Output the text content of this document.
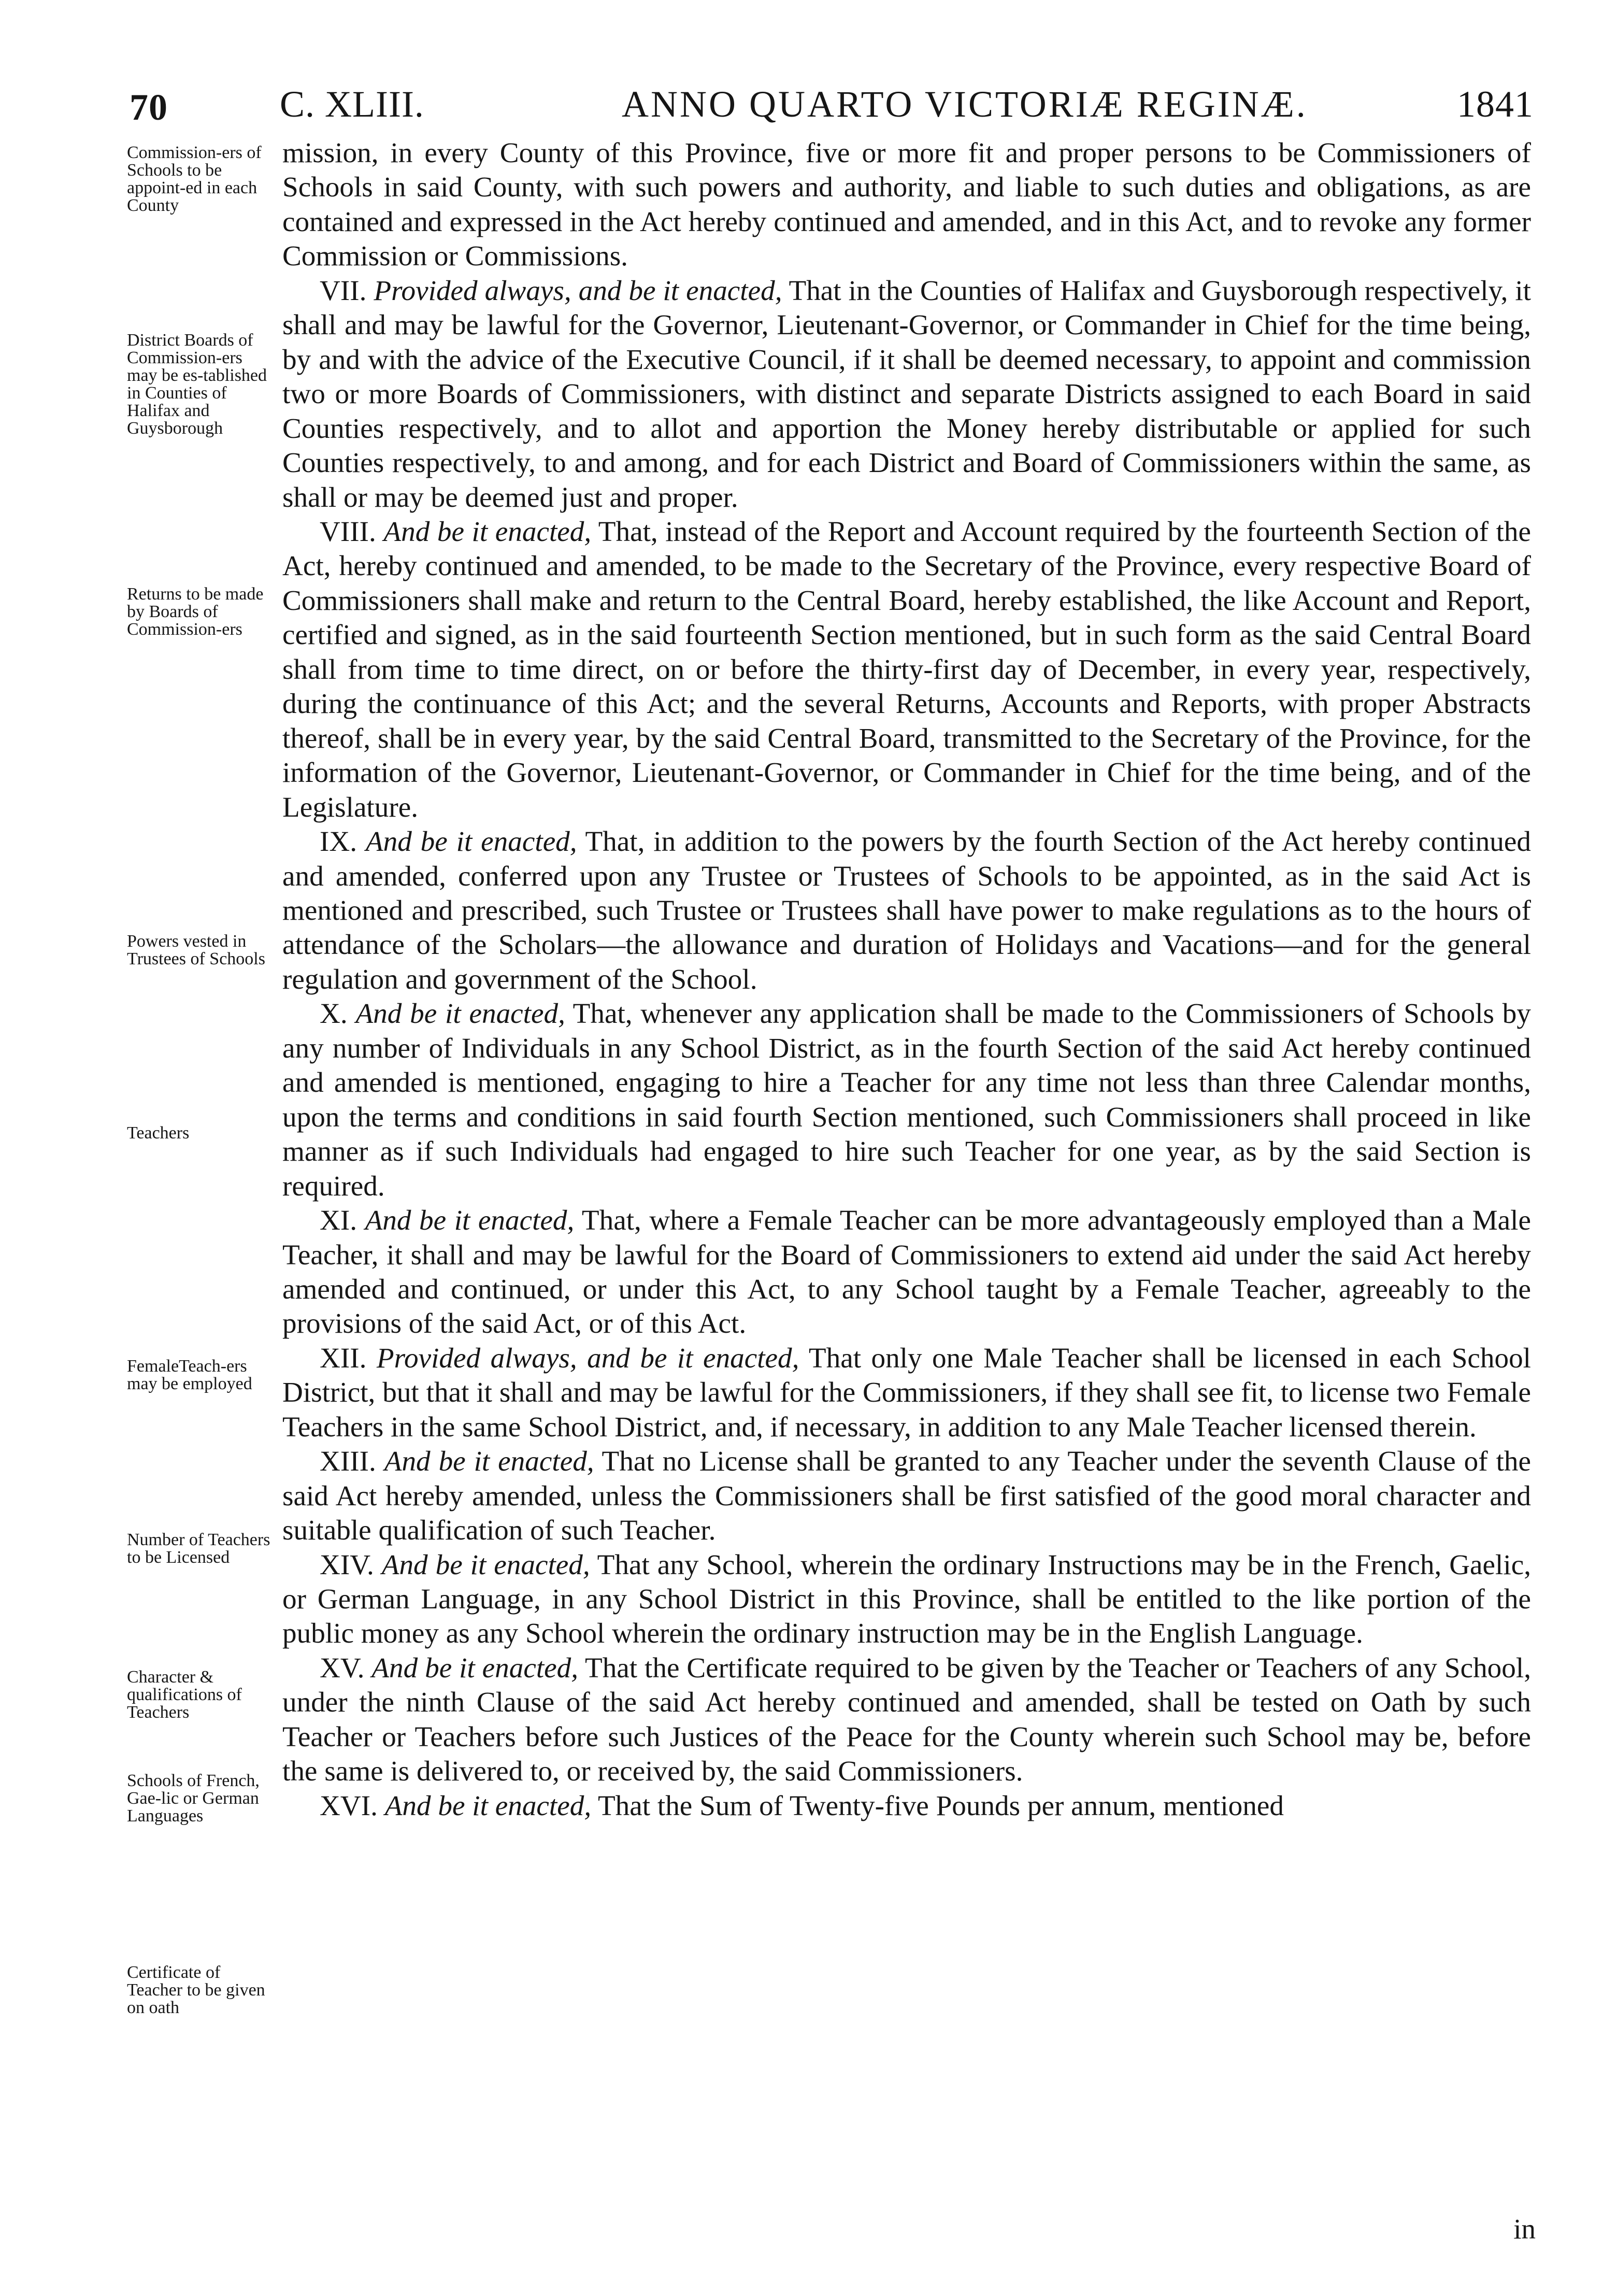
70	C. XLIII.	ANNO QUARTO VICTORIÆ REGINÆ.	1841
Commission-ers of Schools to be appoint-ed in each County
District Boards of Commission-ers may be es-tablished in Counties of Halifax and Guysborough
Returns to be made by Boards of Commission-ers
Powers vested in Trustees of Schools
Teachers
FemaleTeach-ers may be employed
Number of Teachers to be Licensed
Character & qualifications of Teachers
Schools of French, Gae-lic or German Languages
Certificate of Teacher to be given on oath

mission, in every County of this Province, five or more fit and proper persons to be Commissioners of Schools in said County, with such powers and authority, and liable to such duties and obligations, as are contained and expressed in the Act hereby continued and amended, and in this Act, and to revoke any former Commission or Commissions.

VII. Provided always, and be it enacted, That in the Counties of Halifax and Guysborough respectively, it shall and may be lawful for the Governor, Lieutenant-Governor, or Commander in Chief for the time being, by and with the advice of the Executive Council, if it shall be deemed necessary, to appoint and commission two or more Boards of Commissioners, with distinct and separate Districts assigned to each Board in said Counties respectively, and to allot and apportion the Money hereby distributable or applied for such Counties respectively, to and among, and for each District and Board of Commissioners within the same, as shall or may be deemed just and proper.

VIII. And be it enacted, That, instead of the Report and Account required by the fourteenth Section of the Act, hereby continued and amended, to be made to the Secretary of the Province, every respective Board of Commissioners shall make and return to the Central Board, hereby established, the like Account and Report, certified and signed, as in the said fourteenth Section mentioned, but in such form as the said Central Board shall from time to time direct, on or before the thirty-first day of December, in every year, respectively, during the continuance of this Act; and the several Returns, Accounts and Reports, with proper Abstracts thereof, shall be in every year, by the said Central Board, transmitted to the Secretary of the Province, for the information of the Governor, Lieutenant-Governor, or Commander in Chief for the time being, and of the Legislature.

IX. And be it enacted, That, in addition to the powers by the fourth Section of the Act hereby continued and amended, conferred upon any Trustee or Trustees of Schools to be appointed, as in the said Act is mentioned and prescribed, such Trustee or Trustees shall have power to make regulations as to the hours of attendance of the Scholars—the allowance and duration of Holidays and Vacations—and for the general regulation and government of the School.

X. And be it enacted, That, whenever any application shall be made to the Commissioners of Schools by any number of Individuals in any School District, as in the fourth Section of the said Act hereby continued and amended is mentioned, engaging to hire a Teacher for any time not less than three Calendar months, upon the terms and conditions in said fourth Section mentioned, such Commissioners shall proceed in like manner as if such Individuals had engaged to hire such Teacher for one year, as by the said Section is required.

XI. And be it enacted, That, where a Female Teacher can be more advantageously employed than a Male Teacher, it shall and may be lawful for the Board of Commissioners to extend aid under the said Act hereby amended and continued, or under this Act, to any School taught by a Female Teacher, agreeably to the provisions of the said Act, or of this Act.

XII. Provided always, and be it enacted, That only one Male Teacher shall be licensed in each School District, but that it shall and may be lawful for the Commissioners, if they shall see fit, to license two Female Teachers in the same School District, and, if necessary, in addition to any Male Teacher licensed therein.

XIII. And be it enacted, That no License shall be granted to any Teacher under the seventh Clause of the said Act hereby amended, unless the Commissioners shall be first satisfied of the good moral character and suitable qualification of such Teacher.

XIV. And be it enacted, That any School, wherein the ordinary Instructions may be in the French, Gaelic, or German Language, in any School District in this Province, shall be entitled to the like portion of the public money as any School wherein the ordinary instruction may be in the English Language.

XV. And be it enacted, That the Certificate required to be given by the Teacher or Teachers of any School, under the ninth Clause of the said Act hereby continued and amended, shall be tested on Oath by such Teacher or Teachers before such Justices of the Peace for the County wherein such School may be, before the same is delivered to, or received by, the said Commissioners.

XVI. And be it enacted, That the Sum of Twenty-five Pounds per annum, mentioned

in
